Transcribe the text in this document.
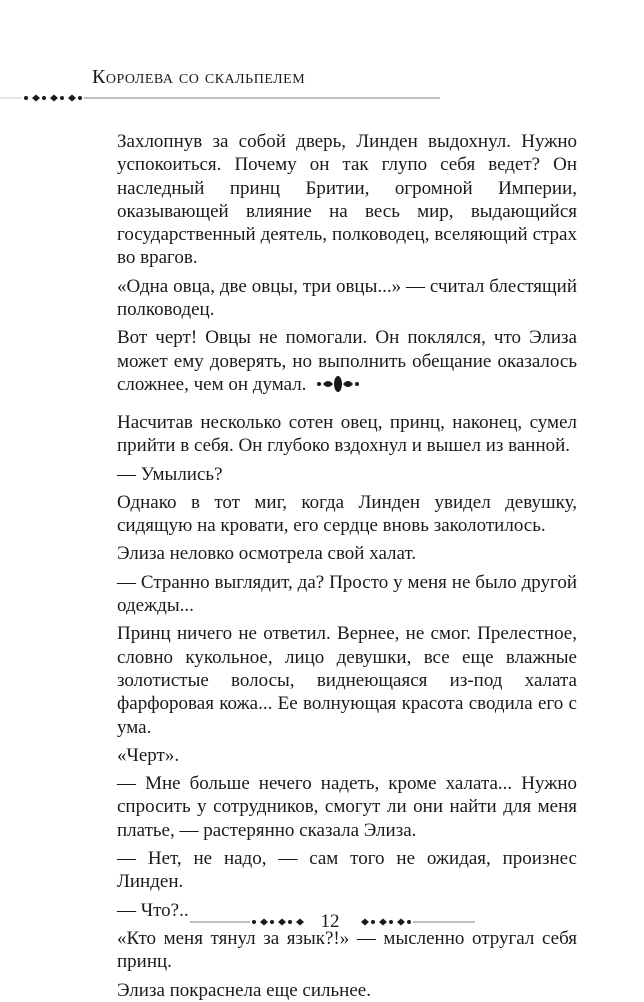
Королева со скальпелем

Захлопнув за собой дверь, Линден выдохнул. Нужно успокоиться. Почему он так глупо себя ведет? Он наследный принц Бритии, огромной Империи, оказывающей влияние на весь мир, выдающийся государственный деятель, полководец, вселяющий страх во врагов.

«Одна овца, две овцы, три овцы...» — считал блестящий полководец.

Вот черт! Овцы не помогали. Он поклялся, что Элиза может ему доверять, но выполнить обещание оказалось сложнее, чем он думал.

Насчитав несколько сотен овец, принц, наконец, сумел прийти в себя. Он глубоко вздохнул и вышел из ванной.

— Умылись?

Однако в тот миг, когда Линден увидел девушку, сидящую на кровати, его сердце вновь заколотилось.

Элиза неловко осмотрела свой халат.

— Странно выглядит, да? Просто у меня не было другой одежды...

Принц ничего не ответил. Вернее, не смог. Прелестное, словно кукольное, лицо девушки, все еще влажные золотистые волосы, виднеющаяся из-под халата фарфоровая кожа... Ее волнующая красота сводила его с ума.

«Черт».

— Мне больше нечего надеть, кроме халата... Нужно спросить у сотрудников, смогут ли они найти для меня платье, — растерянно сказала Элиза.

— Нет, не надо, — сам того не ожидая, произнес Линден.

— Что?..

«Кто меня тянул за язык?!» — мысленно отругал себя принц.

Элиза покраснела еще сильнее.

12
